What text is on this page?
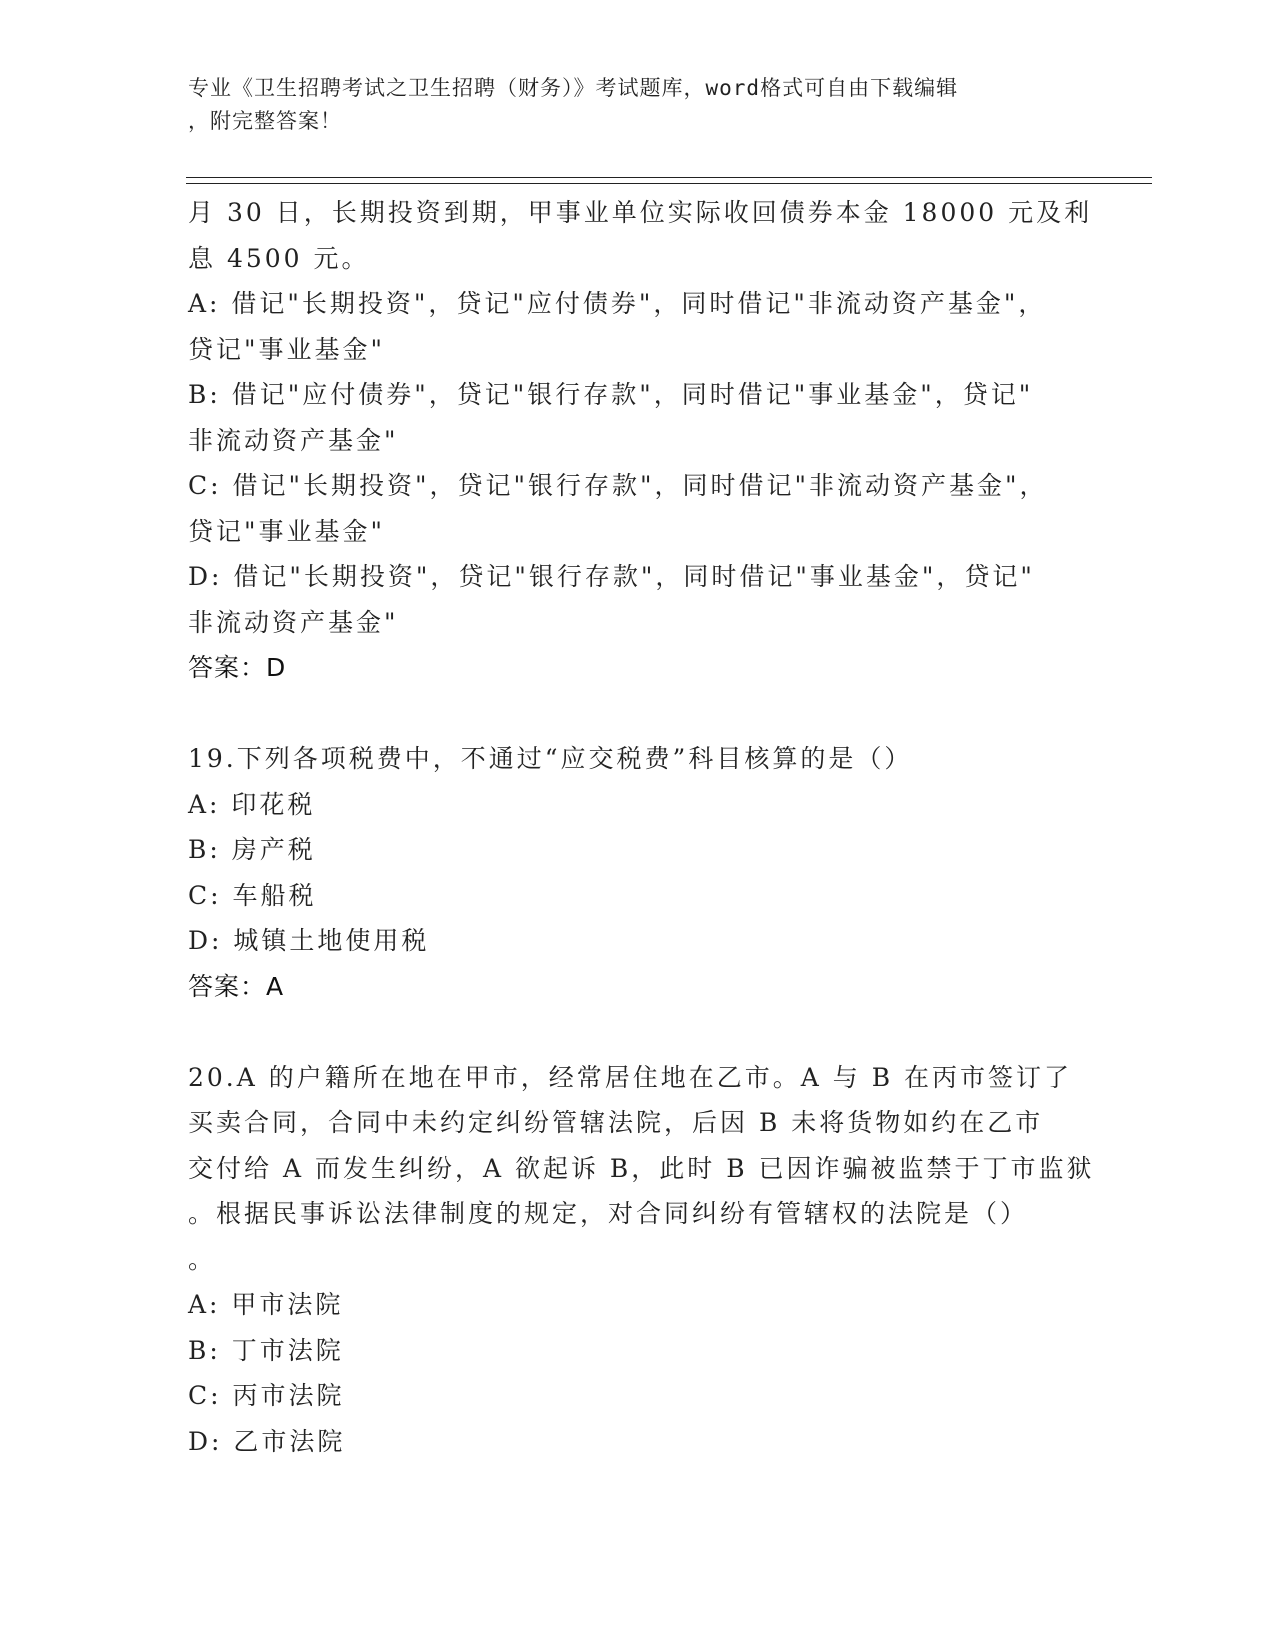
专业《卫生招聘考试之卫生招聘（财务）》考试题库，word格式可自由下载编辑
，附完整答案！
月 30 日，长期投资到期，甲事业单位实际收回债券本金 18000 元及利
息 4500 元。
A: 借记"长期投资"，贷记"应付债券"，同时借记"非流动资产基金"，
贷记"事业基金"
B: 借记"应付债券"，贷记"银行存款"，同时借记"事业基金"，贷记"
非流动资产基金"
C: 借记"长期投资"，贷记"银行存款"，同时借记"非流动资产基金"，
贷记"事业基金"
D: 借记"长期投资"，贷记"银行存款"，同时借记"事业基金"，贷记"
非流动资产基金"
答案：D
19.下列各项税费中，不通过“应交税费”科目核算的是（）
A: 印花税
B: 房产税
C: 车船税
D: 城镇土地使用税
答案：A
20.A 的户籍所在地在甲市，经常居住地在乙市。A 与 B 在丙市签订了
买卖合同，合同中未约定纠纷管辖法院，后因 B 未将货物如约在乙市
交付给 A 而发生纠纷，A 欲起诉 B，此时 B 已因诈骗被监禁于丁市监狱
。根据民事诉讼法律制度的规定，对合同纠纷有管辖权的法院是（）
。
A: 甲市法院
B: 丁市法院
C: 丙市法院
D: 乙市法院
